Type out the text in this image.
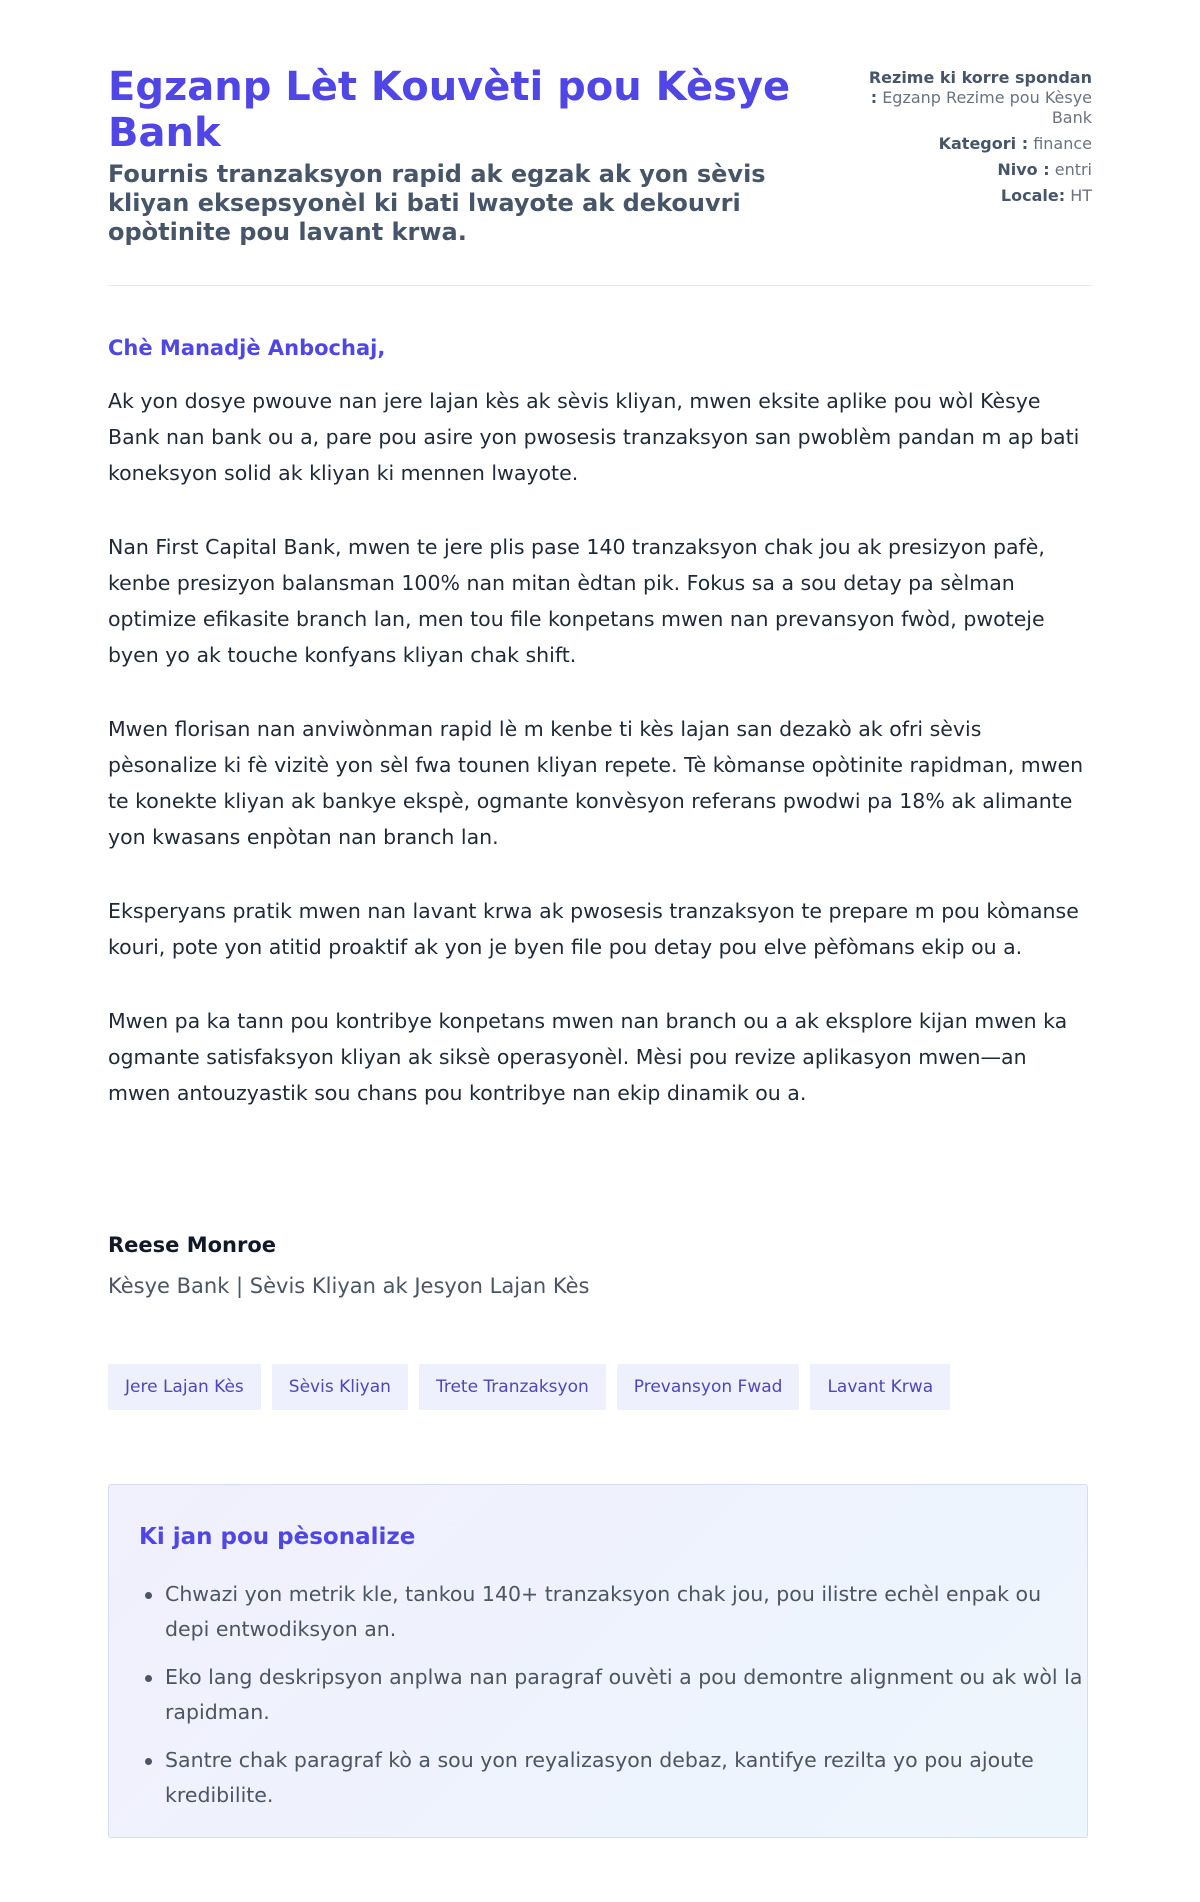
Egzanp Lèt Kouvèti pou Kèsye Bank
Fournis tranzaksyon rapid ak egzak ak yon sèvis kliyan eksepsyonèl ki bati lwayote ak dekouvri opòtinite pou lavant krwa.
Rezime ki korre spondan : Egzanp Rezime pou Kèsye Bank
Kategori : finance
Nivo : entri
Locale: HT

Chè Manadjè Anbochaj,

Ak yon dosye pwouve nan jere lajan kès ak sèvis kliyan, mwen eksite aplike pou wòl Kèsye Bank nan bank ou a, pare pou asire yon pwosesis tranzaksyon san pwoblèm pandan m ap bati koneksyon solid ak kliyan ki mennen lwayote.

Nan First Capital Bank, mwen te jere plis pase 140 tranzaksyon chak jou ak presizyon pafè, kenbe presizyon balansman 100% nan mitan èdtan pik. Fokus sa a sou detay pa sèlman optimize efikasite branch lan, men tou file konpetans mwen nan prevansyon fwòd, pwoteje byen yo ak touche konfyans kliyan chak shift.

Mwen florisan nan anviwònman rapid lè m kenbe ti kès lajan san dezakò ak ofri sèvis pèsonalize ki fè vizitè yon sèl fwa tounen kliyan repete. Tè kòmanse opòtinite rapidman, mwen te konekte kliyan ak bankye ekspè, ogmante konvèsyon referans pwodwi pa 18% ak alimante yon kwasans enpòtan nan branch lan.

Eksperyans pratik mwen nan lavant krwa ak pwosesis tranzaksyon te prepare m pou kòmanse kouri, pote yon atitid proaktif ak yon je byen file pou detay pou elve pèfòmans ekip ou a.

Mwen pa ka tann pou kontribye konpetans mwen nan branch ou a ak eksplore kijan mwen ka ogmante satisfaksyon kliyan ak siksè operasyonèl. Mèsi pou revize aplikasyon mwen—an mwen antouzyastik sou chans pou kontribye nan ekip dinamik ou a.

Reese Monroe

Kèsye Bank | Sèvis Kliyan ak Jesyon Lajan Kès

Jere Lajan Kès	Sèvis Kliyan	Trete Tranzaksyon	Prevansyon Fwad	Lavant Krwa
Ki jan pou pèsonalize
Chwazi yon metrik kle, tankou 140+ tranzaksyon chak jou, pou ilistre echèl enpak ou depi entwodiksyon an.
Eko lang deskripsyon anplwa nan paragraf ouvèti a pou demontre alignment ou ak wòl la rapidman.
Santre chak paragraf kò a sou yon reyalizasyon debaz, kantifye rezilta yo pou ajoute kredibilite.
